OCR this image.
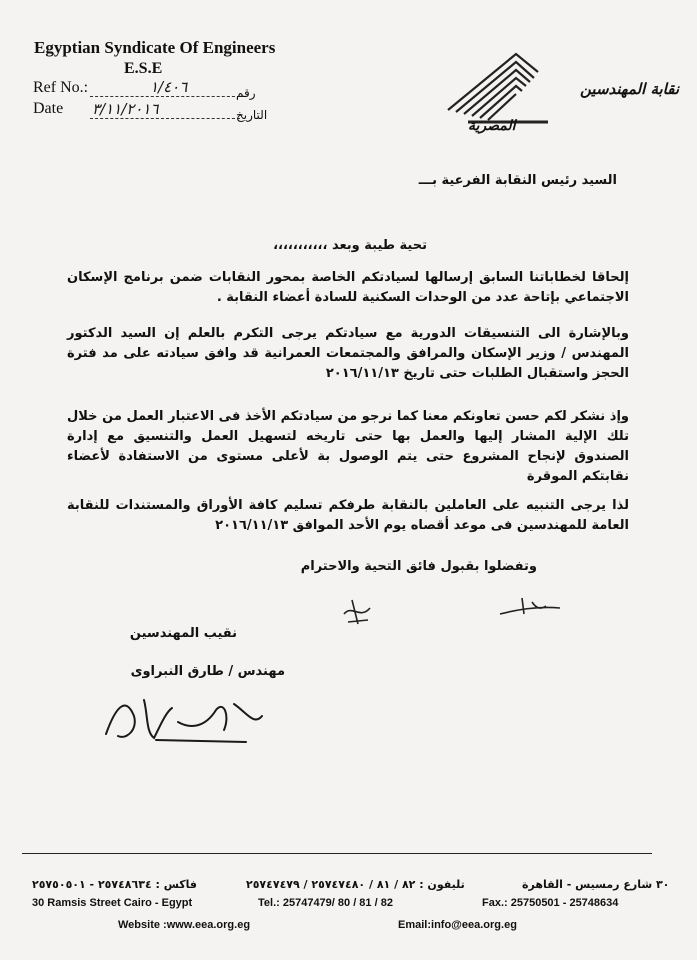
Egyptian Syndicate Of Engineers
E.S.E
Ref No.:	١/٤٠٦	رقم
Date ٣/١١/٢٠١٦	التاريخ
نقابة المهندسين
المصرية
السيد رئيس النقابة الفرعية بـــ
تحية طيبة وبعد ،،،،،،،،،،،
إلحاقا لخطاباتنا السابق إرسالها لسيادتكم الخاصة بمحور النقابات ضمن برنامج الإسكان الاجتماعي بإتاحة عدد من الوحدات السكنية للسادة أعضاء النقابة .
وبالإشارة الى التنسيقات الدورية مع سيادتكم يرجى التكرم بالعلم إن السيد الدكتور المهندس / وزير الإسكان والمرافق والمجتمعات العمرانية قد وافق سيادته على مد فترة الحجز واستقبال الطلبات حتى تاريخ ٢٠١٦/١١/١٣
وإذ نشكر لكم حسن تعاونكم معنا كما نرجو من سيادتكم الأخذ فى الاعتبار العمل من خلال تلك الإلية المشار إليها والعمل بها حتى تاريخه لتسهيل العمل والتنسيق مع إدارة الصندوق لإنجاح المشروع حتى يتم الوصول بة لأعلى مستوى من الاستفادة لأعضاء نقابتكم الموقرة
لذا يرجى التنبيه على العاملين بالنقابة طرفكم تسليم كافة الأوراق والمستندات للنقابة العامة للمهندسين فى موعد أقصاه يوم الأحد الموافق ٢٠١٦/١١/١٣
وتفضلوا بقبول فائق التحية والاحترام
نقيب المهندسين
مهندس / طارق النبراوى
فاكس : ٢٥٧٤٨٦٣٤ - ٢٥٧٥٠٥٠١	تليفون : ٨٢ / ٨١ / ٢٥٧٤٧٤٨٠ / ٢٥٧٤٧٤٧٩	٣٠ شارع رمسيس - القاهرة
30 Ramsis Street Cairo - Egypt	Tel.: 25747479/ 80 / 81 / 82	Fax.: 25750501 - 25748634
Website :www.eea.org.eg	Email:info@eea.org.eg
